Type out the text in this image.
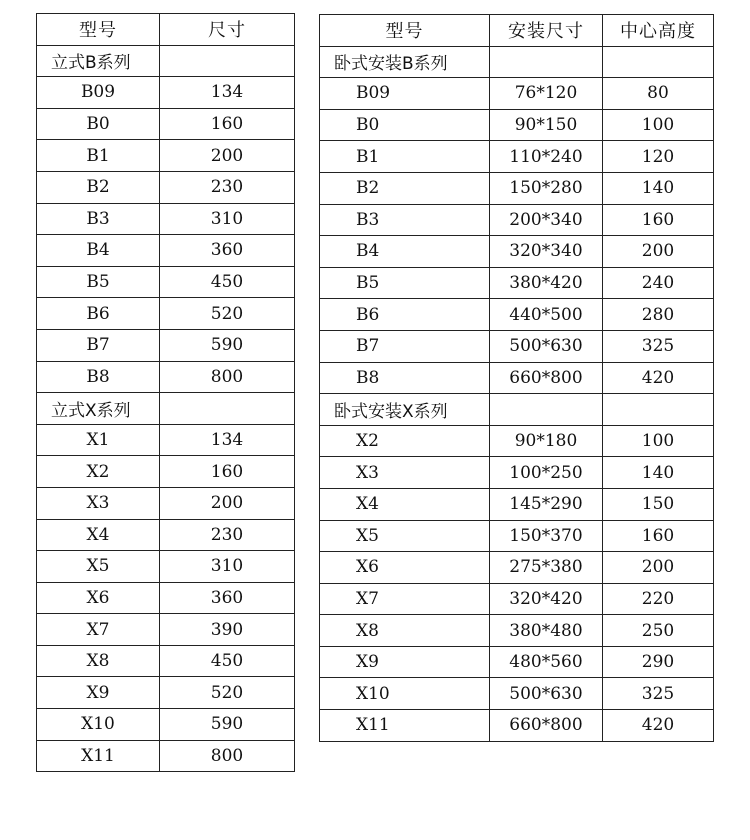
型号	尺寸
立式B系列	
B09	134
B0	160
B1	200
B2	230
B3	310
B4	360
B5	450
B6	520
B7	590
B8	800
立式X系列	
X1	134
X2	160
X3	200
X4	230
X5	310
X6	360
X7	390
X8	450
X9	520
X10	590
X11	800
型号	安装尺寸	中心高度
卧式安装B系列		
B09	76*120	80
B0	90*150	100
B1	110*240	120
B2	150*280	140
B3	200*340	160
B4	320*340	200
B5	380*420	240
B6	440*500	280
B7	500*630	325
B8	660*800	420
卧式安装X系列		
X2	90*180	100
X3	100*250	140
X4	145*290	150
X5	150*370	160
X6	275*380	200
X7	320*420	220
X8	380*480	250
X9	480*560	290
X10	500*630	325
X11	660*800	420
